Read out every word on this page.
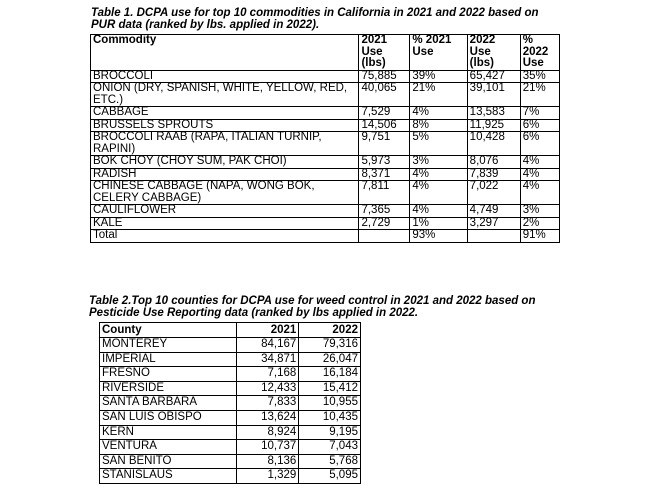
Table 1. DCPA use for top 10 commodities in California in 2021 and 2022 based on PUR data (ranked by lbs. applied in 2022).

Commodity	2021 Use (lbs)	% 2021 Use	2022 Use (lbs)	% 2022 Use
BROCCOLI	75,885	39%	65,427	35%
ONION (DRY, SPANISH, WHITE, YELLOW, RED, ETC.)	40,065	21%	39,101	21%
CABBAGE	7,529	4%	13,583	7%
BRUSSELS SPROUTS	14,506	8%	11,925	6%
BROCCOLI RAAB (RAPA, ITALIAN TURNIP, RAPINI)	9,751	5%	10,428	6%
BOK CHOY (CHOY SUM, PAK CHOI)	5,973	3%	8,076	4%
RADISH	8,371	4%	7,839	4%
CHINESE CABBAGE (NAPA, WONG BOK, CELERY CABBAGE)	7,811	4%	7,022	4%
CAULIFLOWER	7,365	4%	4,749	3%
KALE	2,729	1%	3,297	2%
Total		93%		91%

Table 2.Top 10 counties for DCPA use for weed control in 2021 and 2022 based on Pesticide Use Reporting data (ranked by lbs applied in 2022.

County	2021	2022
MONTEREY	84,167	79,316
IMPERIAL	34,871	26,047
FRESNO	7,168	16,184
RIVERSIDE	12,433	15,412
SANTA BARBARA	7,833	10,955
SAN LUIS OBISPO	13,624	10,435
KERN	8,924	9,195
VENTURA	10,737	7,043
SAN BENITO	8,136	5,768
STANISLAUS	1,329	5,095
